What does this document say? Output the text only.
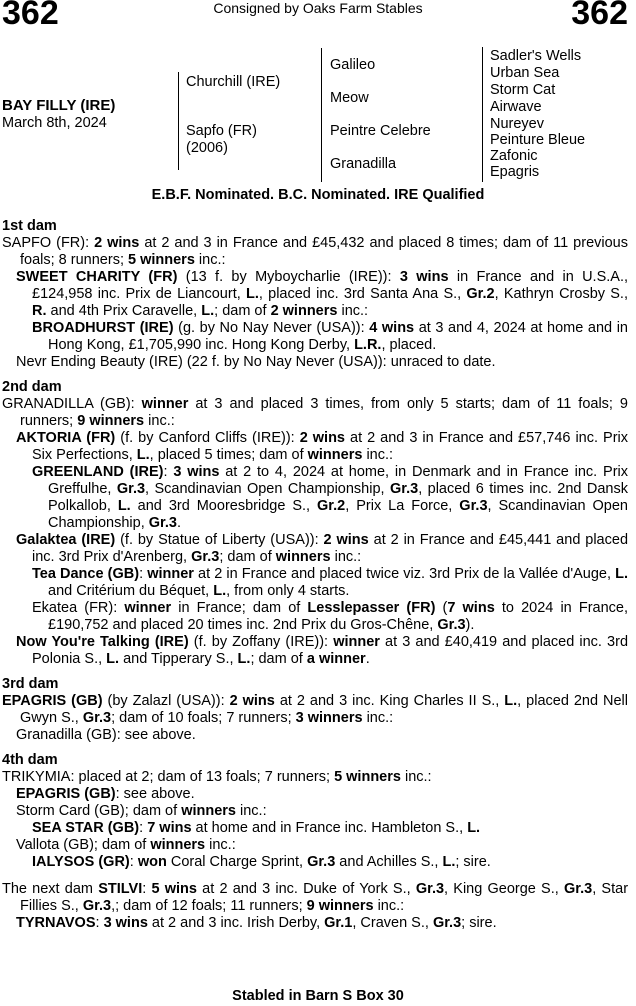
362	Consigned by Oaks Farm Stables	362
BAY FILLY (IRE)
March 8th, 2024
Churchill (IRE)
Sapfo (FR)
(2006)
Galileo
Meow
Peintre Celebre
Granadilla
Sadler's Wells
Urban Sea
Storm Cat
Airwave
Nureyev
Peinture Bleue
Zafonic
Epagris
E.B.F. Nominated. B.C. Nominated. IRE Qualified
1st dam
SAPFO (FR): 2 wins at 2 and 3 in France and £45,432 and placed 8 times; dam of 11 previous foals; 8 runners; 5 winners inc.:
SWEET CHARITY (FR) (13 f. by Myboycharlie (IRE)): 3 wins in France and in U.S.A., £124,958 inc. Prix de Liancourt, L., placed inc. 3rd Santa Ana S., Gr.2, Kathryn Crosby S., R. and 4th Prix Caravelle, L.; dam of 2 winners inc.:
BROADHURST (IRE) (g. by No Nay Never (USA)): 4 wins at 3 and 4, 2024 at home and in Hong Kong, £1,705,990 inc. Hong Kong Derby, L.R., placed.
Nevr Ending Beauty (IRE) (22 f. by No Nay Never (USA)): unraced to date.
2nd dam
GRANADILLA (GB): winner at 3 and placed 3 times, from only 5 starts; dam of 11 foals; 9 runners; 9 winners inc.:
AKTORIA (FR) (f. by Canford Cliffs (IRE)): 2 wins at 2 and 3 in France and £57,746 inc. Prix Six Perfections, L., placed 5 times; dam of winners inc.:
GREENLAND (IRE): 3 wins at 2 to 4, 2024 at home, in Denmark and in France inc. Prix Greffulhe, Gr.3, Scandinavian Open Championship, Gr.3, placed 6 times inc. 2nd Dansk Polkallob, L. and 3rd Mooresbridge S., Gr.2, Prix La Force, Gr.3, Scandinavian Open Championship, Gr.3.
Galaktea (IRE) (f. by Statue of Liberty (USA)): 2 wins at 2 in France and £45,441 and placed inc. 3rd Prix d'Arenberg, Gr.3; dam of winners inc.:
Tea Dance (GB): winner at 2 in France and placed twice viz. 3rd Prix de la Vallée d'Auge, L. and Critérium du Béquet, L., from only 4 starts.
Ekatea (FR): winner in France; dam of Lesslepasser (FR) (7 wins to 2024 in France, £190,752 and placed 20 times inc. 2nd Prix du Gros-Chêne, Gr.3).
Now You're Talking (IRE) (f. by Zoffany (IRE)): winner at 3 and £40,419 and placed inc. 3rd Polonia S., L. and Tipperary S., L.; dam of a winner.
3rd dam
EPAGRIS (GB) (by Zalazl (USA)): 2 wins at 2 and 3 inc. King Charles II S., L., placed 2nd Nell Gwyn S., Gr.3; dam of 10 foals; 7 runners; 3 winners inc.:
Granadilla (GB): see above.
4th dam
TRIKYMIA: placed at 2; dam of 13 foals; 7 runners; 5 winners inc.:
EPAGRIS (GB): see above.
Storm Card (GB); dam of winners inc.:
SEA STAR (GB): 7 wins at home and in France inc. Hambleton S., L.
Vallota (GB); dam of winners inc.:
IALYSOS (GR): won Coral Charge Sprint, Gr.3 and Achilles S., L.; sire.
The next dam STILVI: 5 wins at 2 and 3 inc. Duke of York S., Gr.3, King George S., Gr.3, Star Fillies S., Gr.3,; dam of 12 foals; 11 runners; 9 winners inc.:
TYRNAVOS: 3 wins at 2 and 3 inc. Irish Derby, Gr.1, Craven S., Gr.3; sire.
Stabled in Barn S Box 30
